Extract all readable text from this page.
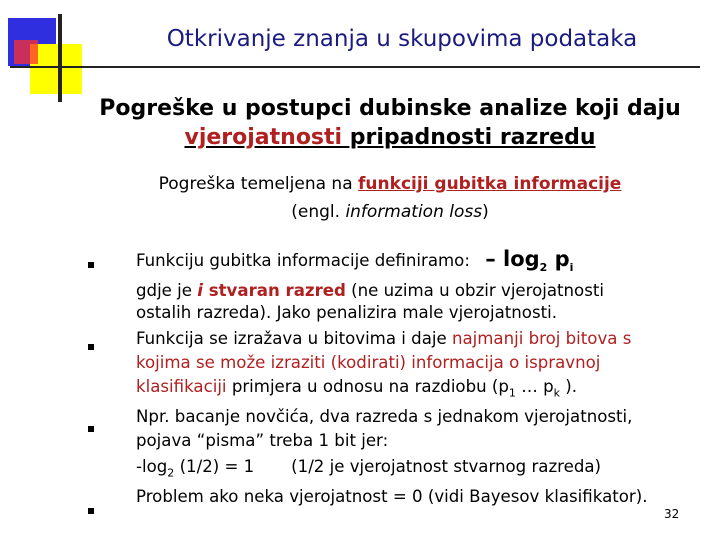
Otkrivanje znanja u skupovima podataka
Pogreške u postupci dubinske analize koji daju
vjerojatnosti pripadnosti razredu
Pogreška temeljena na funkciji gubitka informacije
(engl. information loss)
Funkciju gubitka informacije definiramo: – $\log_2 p_i$
gdje je i stvaran razred (ne uzima u obzir vjerojatnosti
ostalih razreda). Jako penalizira male vjerojatnosti.
Funkcija se izražava u bitovima i daje najmanji broj bitova s
kojima se može izraziti (kodirati) informacija o ispravnoj
klasifikaciji primjera u odnosu na razdiobu ($p_1$ … $p_k$ ).
Npr. bacanje novčića, dva razreda s jednakom vjerojatnosti,
pojava “pisma” treba 1 bit jer:
$-\log_2$ (1/2) = 1       (1/2 je vjerojatnost stvarnog razreda)
Problem ako neka vjerojatnost = 0 (vidi Bayesov klasifikator).
32
